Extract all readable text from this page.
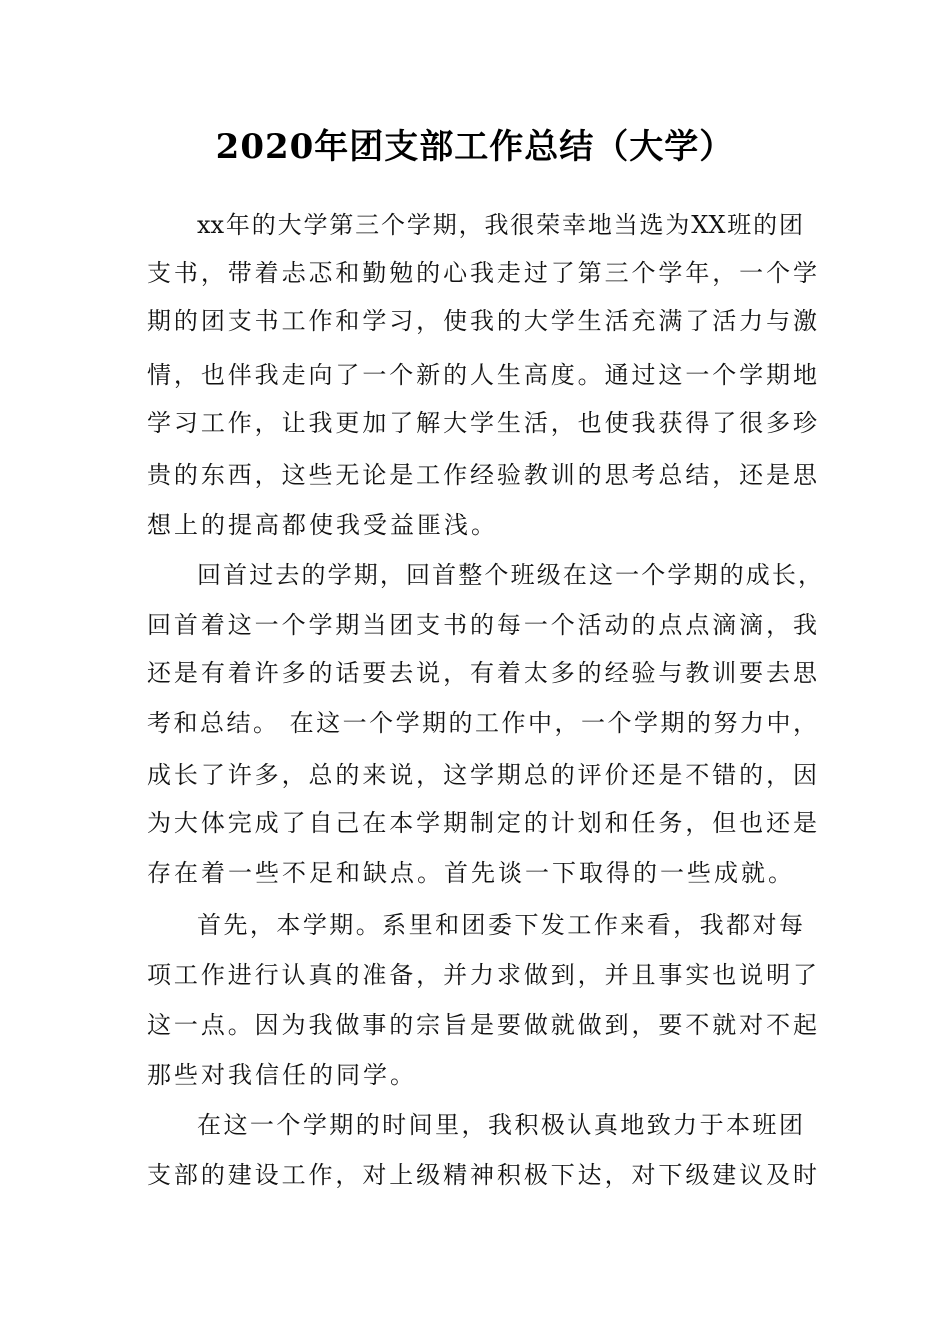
2020年团支部工作总结（大学）
xx年的大学第三个学期，我很荣幸地当选为XX班的团
支书，带着忐忑和勤勉的心我走过了第三个学年，一个学
期的团支书工作和学习，使我的大学生活充满了活力与激
情，也伴我走向了一个新的人生高度。通过这一个学期地
学习工作，让我更加了解大学生活，也使我获得了很多珍
贵的东西，这些无论是工作经验教训的思考总结，还是思
想上的提高都使我受益匪浅。
回首过去的学期，回首整个班级在这一个学期的成长，
回首着这一个学期当团支书的每一个活动的点点滴滴，我
还是有着许多的话要去说，有着太多的经验与教训要去思
考和总结。 在这一个学期的工作中，一个学期的努力中，
成长了许多，总的来说，这学期总的评价还是不错的，因
为大体完成了自己在本学期制定的计划和任务，但也还是
存在着一些不足和缺点。首先谈一下取得的一些成就。
首先，本学期。系里和团委下发工作来看，我都对每
项工作进行认真的准备，并力求做到，并且事实也说明了
这一点。因为我做事的宗旨是要做就做到，要不就对不起
那些对我信任的同学。
在这一个学期的时间里，我积极认真地致力于本班团
支部的建设工作，对上级精神积极下达，对下级建议及时
